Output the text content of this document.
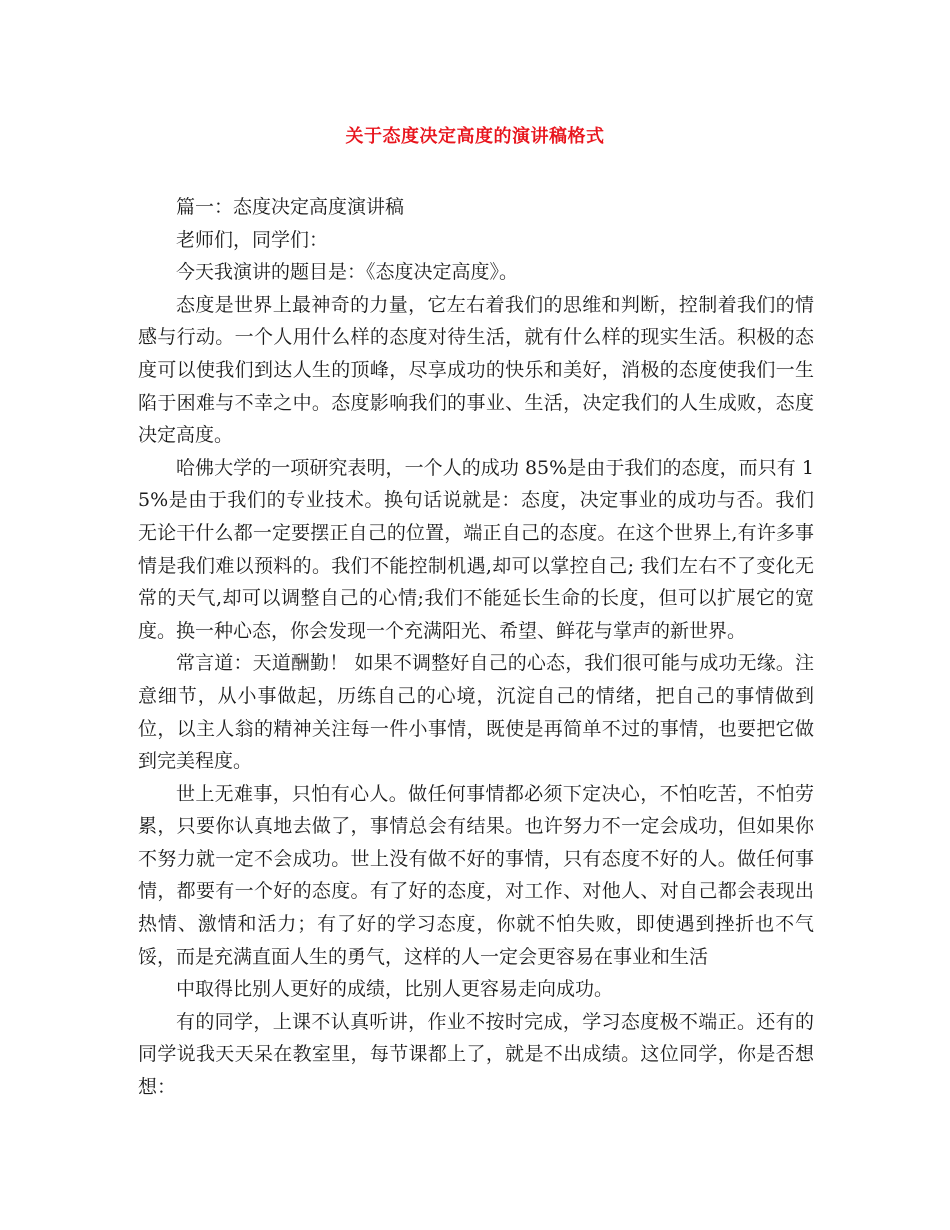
关于态度决定高度的演讲稿格式

篇一：态度决定高度演讲稿

老师们，同学们：

今天我演讲的题目是：《态度决定高度》。

态度是世界上最神奇的力量，它左右着我们的思维和判断，控制着我们的情感与行动。一个人用什么样的态度对待生活，就有什么样的现实生活。积极的态度可以使我们到达人生的顶峰，尽享成功的快乐和美好，消极的态度使我们一生陷于困难与不幸之中。态度影响我们的事业、生活，决定我们的人生成败，态度决定高度。

哈佛大学的一项研究表明，一个人的成功 85%是由于我们的态度，而只有 15%是由于我们的专业技术。换句话说就是：态度，决定事业的成功与否。我们无论干什么都一定要摆正自己的位置，端正自己的态度。在这个世界上,有许多事情是我们难以预料的。我们不能控制机遇,却可以掌控自己; 我们左右不了变化无常的天气,却可以调整自己的心情;我们不能延长生命的长度，但可以扩展它的宽度。换一种心态，你会发现一个充满阳光、希望、鲜花与掌声的新世界。

常言道：天道酬勤！ 如果不调整好自己的心态，我们很可能与成功无缘。注意细节，从小事做起，历练自己的心境，沉淀自己的情绪，把自己的事情做到位，以主人翁的精神关注每一件小事情，既使是再简单不过的事情，也要把它做到完美程度。

世上无难事，只怕有心人。做任何事情都必须下定决心，不怕吃苦，不怕劳累，只要你认真地去做了，事情总会有结果。也许努力不一定会成功，但如果你不努力就一定不会成功。世上没有做不好的事情，只有态度不好的人。做任何事情，都要有一个好的态度。有了好的态度，对工作、对他人、对自己都会表现出热情、激情和活力；有了好的学习态度，你就不怕失败，即使遇到挫折也不气馁，而是充满直面人生的勇气，这样的人一定会更容易在事业和生活

中取得比别人更好的成绩，比别人更容易走向成功。

有的同学，上课不认真听讲，作业不按时完成，学习态度极不端正。还有的同学说我天天呆在教室里，每节课都上了，就是不出成绩。这位同学，你是否想想：
